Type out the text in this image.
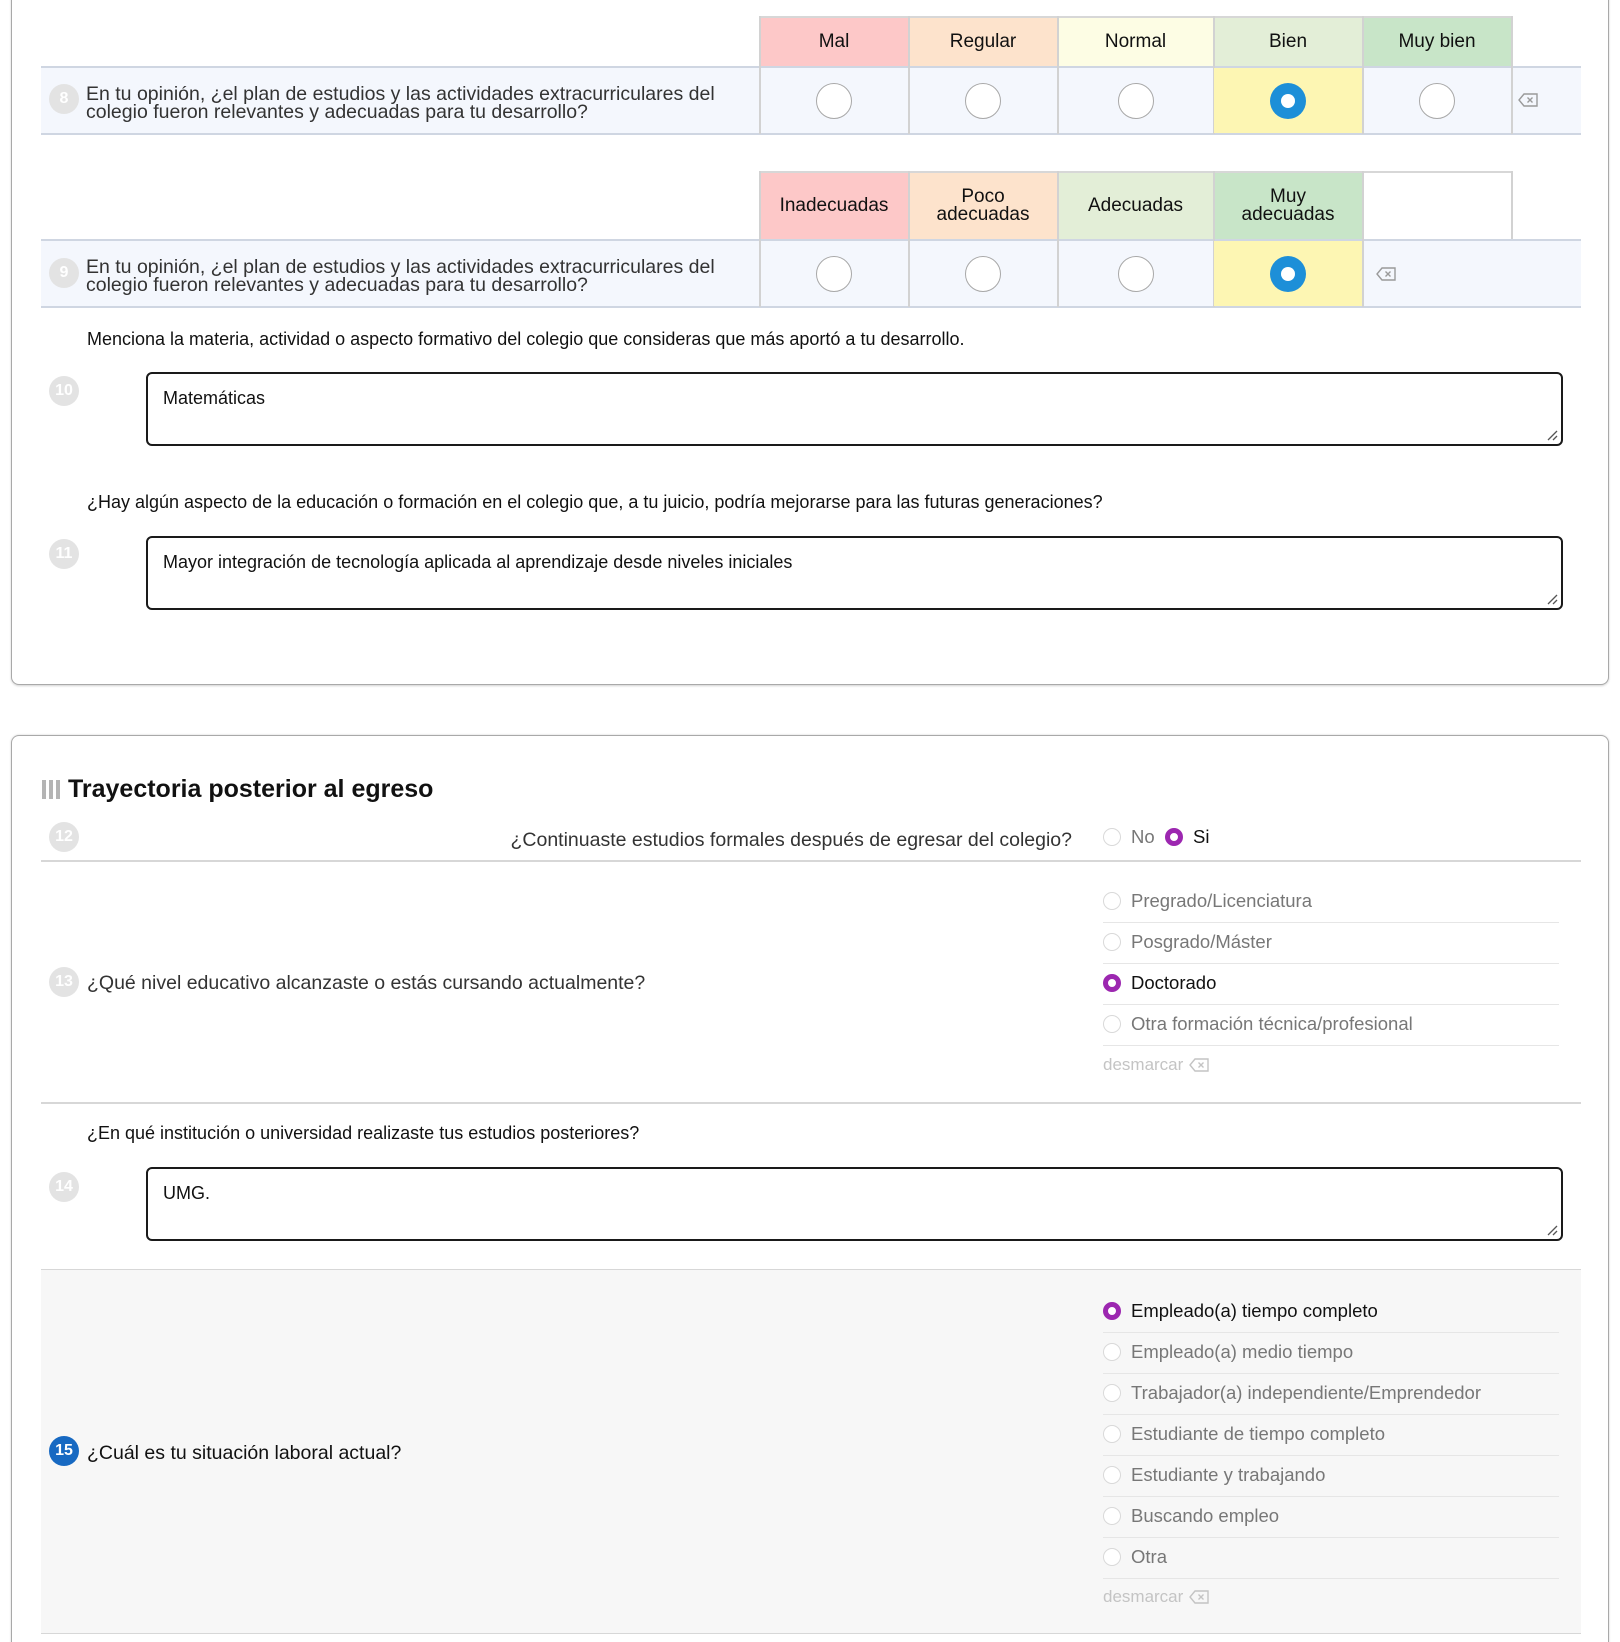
Mal	Regular	Normal	Bien	Muy bien
8 En tu opinión, ¿el plan de estudios y las actividades extracurriculares del
colegio fueron relevantes y adecuadas para tu desarrollo?
Inadecuadas	Poco adecuadas	Adecuadas	Muy adecuadas
9 En tu opinión, ¿el plan de estudios y las actividades extracurriculares del
colegio fueron relevantes y adecuadas para tu desarrollo?
Menciona la materia, actividad o aspecto formativo del colegio que consideras que más aportó a tu desarrollo.
10	Matemáticas
¿Hay algún aspecto de la educación o formación en el colegio que, a tu juicio, podría mejorarse para las futuras generaciones?
11	Mayor integración de tecnología aplicada al aprendizaje desde niveles iniciales
Trayectoria posterior al egreso
12	¿Continuaste estudios formales después de egresar del colegio?	No Si
13 ¿Qué nivel educativo alcanzaste o estás cursando actualmente?
Pregrado/Licenciatura
Posgrado/Máster
Doctorado
Otra formación técnica/profesional
desmarcar
¿En qué institución o universidad realizaste tus estudios posteriores?
14	UMG.
15 ¿Cuál es tu situación laboral actual?
Empleado(a) tiempo completo
Empleado(a) medio tiempo
Trabajador(a) independiente/Emprendedor
Estudiante de tiempo completo
Estudiante y trabajando
Buscando empleo
Otra
desmarcar
